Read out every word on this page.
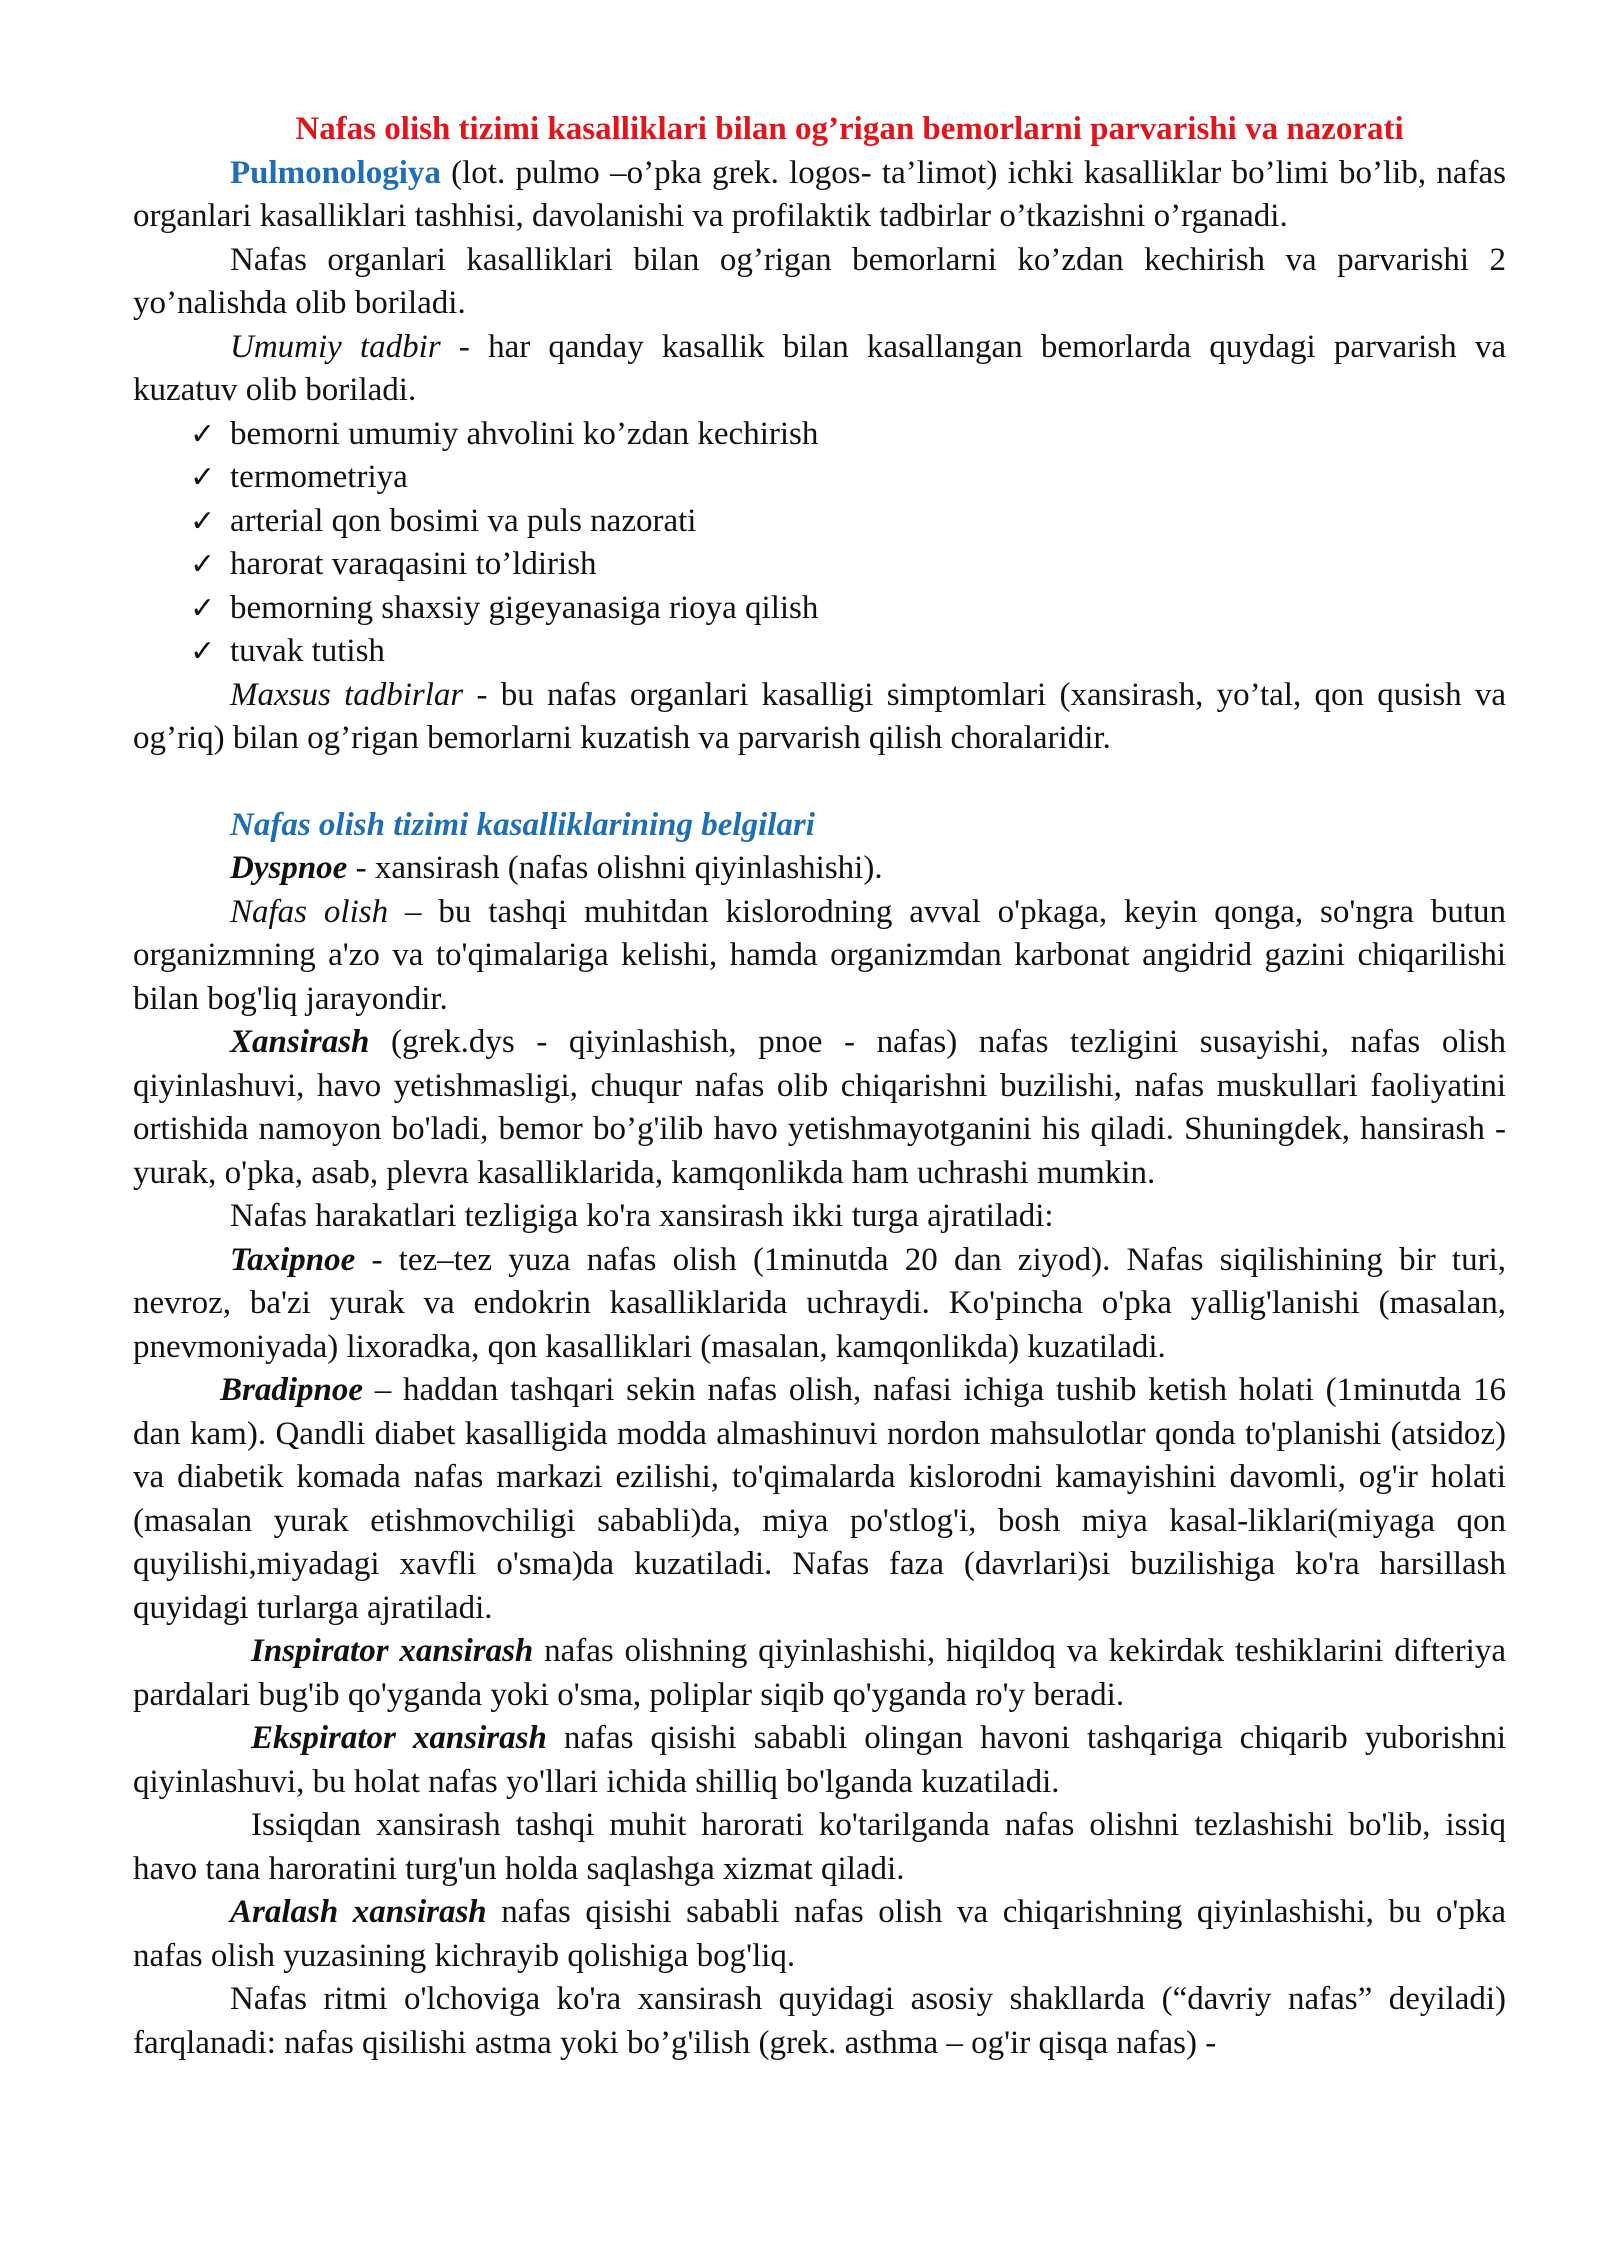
Nafas olish tizimi kasalliklari bilan og’rigan bemorlarni parvarishi va nazorati

Pulmonologiya (lot. pulmo –o’pka grek. logos- ta’limot) ichki kasalliklar bo’limi bo’lib, nafas organlari kasalliklari tashhisi, davolanishi va profilaktik tadbirlar o’tkazishni o’rganadi.

Nafas organlari kasalliklari bilan og’rigan bemorlarni ko’zdan kechirish va parvarishi 2 yo’nalishda olib boriladi.

Umumiy tadbir - har qanday kasallik bilan kasallangan bemorlarda quydagi parvarish va kuzatuv olib boriladi.

✓ bemorni umumiy ahvolini ko’zdan kechirish
✓ termometriya
✓ arterial qon bosimi va puls nazorati
✓ harorat varaqasini to’ldirish
✓ bemorning shaxsiy gigeyanasiga rioya qilish
✓ tuvak tutish

Maxsus tadbirlar - bu nafas organlari kasalligi simptomlari (xansirash, yo’tal, qon qusish va og’riq) bilan og’rigan bemorlarni kuzatish va parvarish qilish choralaridir.

Nafas olish tizimi kasalliklarining belgilari

Dyspnoe - xansirash (nafas olishni qiyinlashishi).

Nafas olish – bu tashqi muhitdan kislorodning avval o'pkaga, keyin qonga, so'ngra butun organizmning a'zo va to'qimalariga kelishi, hamda organizmdan karbonat angidrid gazini chiqarilishi bilan bog'liq jarayondir.

Xansirash (grek.dys - qiyinlashish, pnoe - nafas) nafas tezligini susayishi, nafas olish qiyinlashuvi, havo yetishmasligi, chuqur nafas olib chiqarishni buzilishi, nafas muskullari faoliyatini ortishida namoyon bo'ladi, bemor bo’g'ilib havo yetishmayotganini his qiladi. Shuningdek, hansirash - yurak, o'pka, asab, plevra kasalliklarida, kamqonlikda ham uchrashi mumkin.

Nafas harakatlari tezligiga ko'ra xansirash ikki turga ajratiladi:

Taxipnoe - tez–tez yuza nafas olish (1minutda 20 dan ziyod). Nafas siqilishining bir turi, nevroz, ba'zi yurak va endokrin kasalliklarida uchraydi. Ko'pincha o'pka yallig'lanishi (masalan, pnevmoniyada) lixoradka, qon kasalliklari (masalan, kamqonlikda) kuzatiladi.

Bradipnoe – haddan tashqari sekin nafas olish, nafasi ichiga tushib ketish holati (1minutda 16 dan kam). Qandli diabet kasalligida modda almashinuvi nordon mahsulotlar qonda to'planishi (atsidoz) va diabetik komada nafas markazi ezilishi, to'qimalarda kislorodni kamayishini davomli, og'ir holati (masalan yurak etishmovchiligi sababli)da, miya po'stlog'i, bosh miya kasal-liklari(miyaga qon quyilishi,miyadagi xavfli o'sma)da kuzatiladi. Nafas faza (davrlari)si buzilishiga ko'ra harsillash quyidagi turlarga ajratiladi.

Inspirator xansirash nafas olishning qiyinlashishi, hiqildoq va kekirdak teshiklarini difteriya pardalari bug'ib qo'yganda yoki o'sma, poliplar siqib qo'yganda ro'y beradi.

Ekspirator xansirash nafas qisishi sababli olingan havoni tashqariga chiqarib yuborishni qiyinlashuvi, bu holat nafas yo'llari ichida shilliq bo'lganda kuzatiladi.

Issiqdan xansirash tashqi muhit harorati ko'tarilganda nafas olishni tezlashishi bo'lib, issiq havo tana haroratini turg'un holda saqlashga xizmat qiladi.

Aralash xansirash nafas qisishi sababli nafas olish va chiqarishning qiyinlashishi, bu o'pka nafas olish yuzasining kichrayib qolishiga bog'liq.

Nafas ritmi o'lchoviga ko'ra xansirash quyidagi asosiy shakllarda (“davriy nafas” deyiladi) farqlanadi: nafas qisilishi astma yoki bo’g'ilish (grek. asthma – og'ir qisqa nafas) -
